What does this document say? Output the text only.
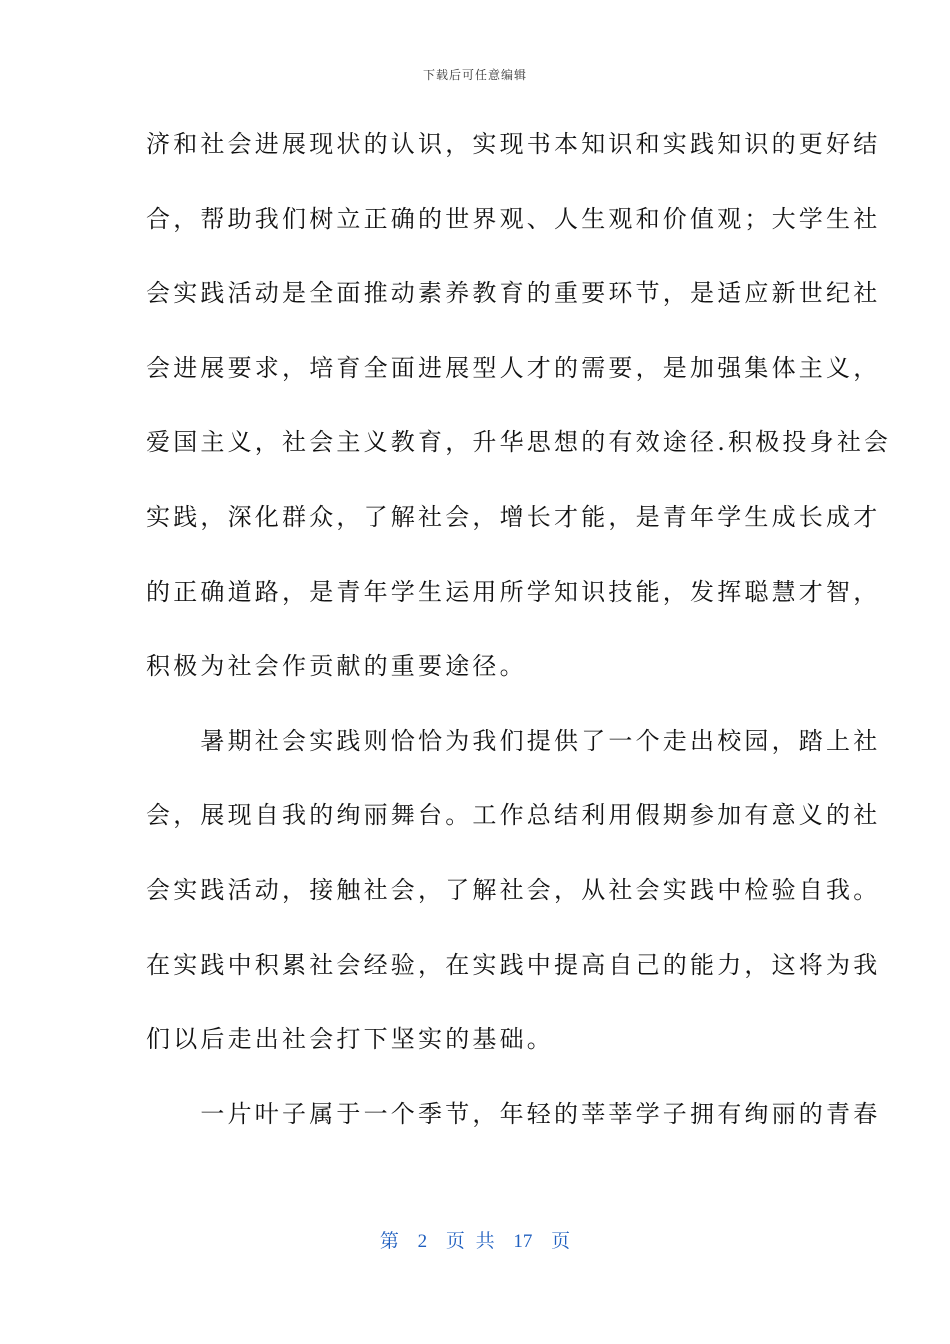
下载后可任意编辑
济和社会进展现状的认识，实现书本知识和实践知识的更好结
合，帮助我们树立正确的世界观、人生观和价值观；大学生社
会实践活动是全面推动素养教育的重要环节，是适应新世纪社
会进展要求，培育全面进展型人才的需要，是加强集体主义，
爱国主义，社会主义教育，升华思想的有效途径.积极投身社会
实践，深化群众，了解社会，增长才能，是青年学生成长成才
的正确道路，是青年学生运用所学知识技能，发挥聪慧才智，
积极为社会作贡献的重要途径。
　　暑期社会实践则恰恰为我们提供了一个走出校园，踏上社
会，展现自我的绚丽舞台。工作总结利用假期参加有意义的社
会实践活动，接触社会，了解社会，从社会实践中检验自我。
在实践中积累社会经验，在实践中提高自己的能力，这将为我
们以后走出社会打下坚实的基础。
　　一片叶子属于一个季节，年轻的莘莘学子拥有绚丽的青春
第 2 页 共 17 页
